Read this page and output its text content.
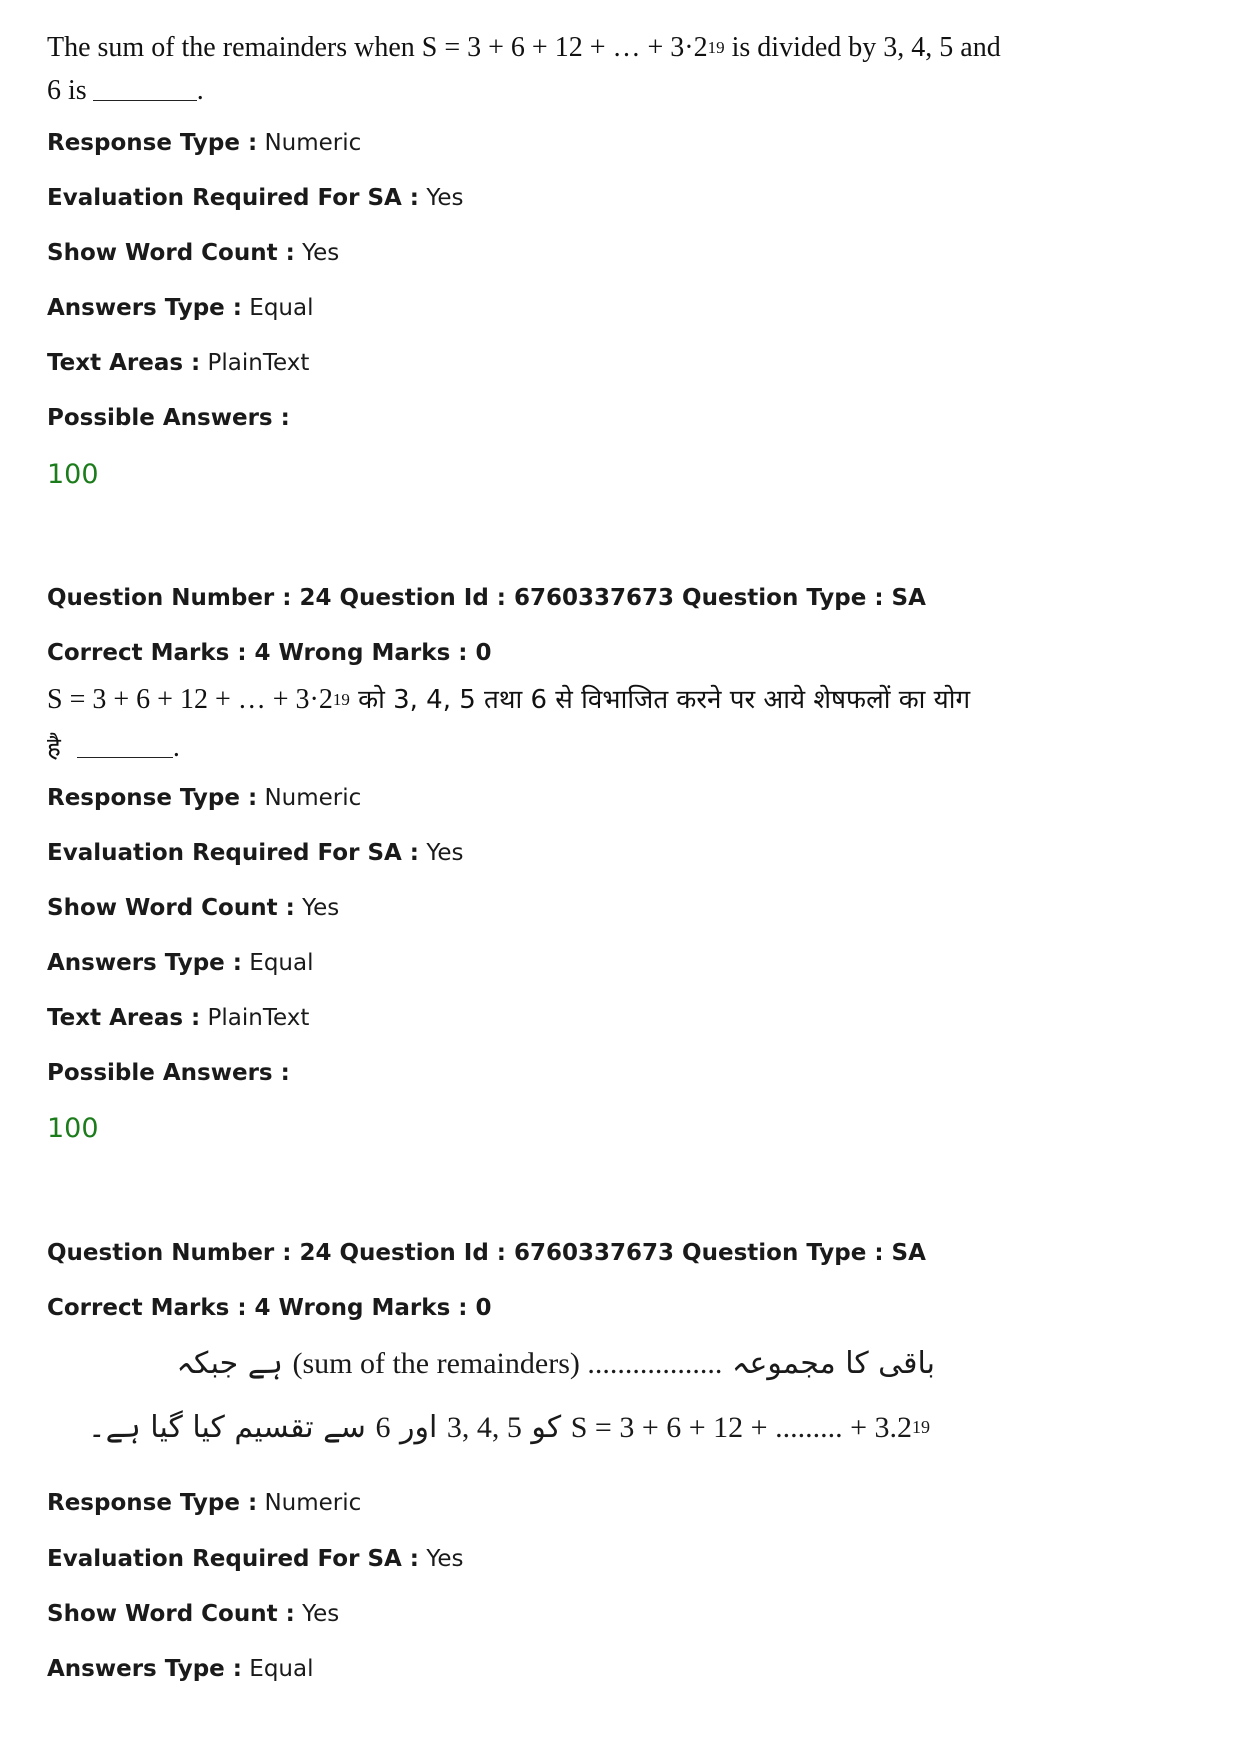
The sum of the remainders when S = 3 + 6 + 12 + … + $3\cdot 2^{19}$ is divided by 3, 4, 5 and
6 is	.
Response Type : Numeric
Evaluation Required For SA : Yes
Show Word Count : Yes
Answers Type : Equal
Text Areas : PlainText
Possible Answers :
100
Question Number : 24 Question Id : 6760337673 Question Type : SA
Correct Marks : 4 Wrong Marks : 0
S = 3 + 6 + 12 + … + $3\cdot 2^{19}$ को 3, 4, 5 तथा 6 से विभाजित करने पर आये शेषफलों का योग
है	.
Response Type : Numeric
Evaluation Required For SA : Yes
Show Word Count : Yes
Answers Type : Equal
Text Areas : PlainText
Possible Answers :
100
Question Number : 24 Question Id : 6760337673 Question Type : SA
Correct Marks : 4 Wrong Marks : 0
باقی کا مجموعہ (sum of the remainders) .................. ہے جبکہ
S = 3 + 6 + 12 + ......... + $3.2^{19}$ کو 3, 4, 5 اور 6 سے تقسیم کیا گیا ہے۔
Response Type : Numeric
Evaluation Required For SA : Yes
Show Word Count : Yes
Answers Type : Equal
